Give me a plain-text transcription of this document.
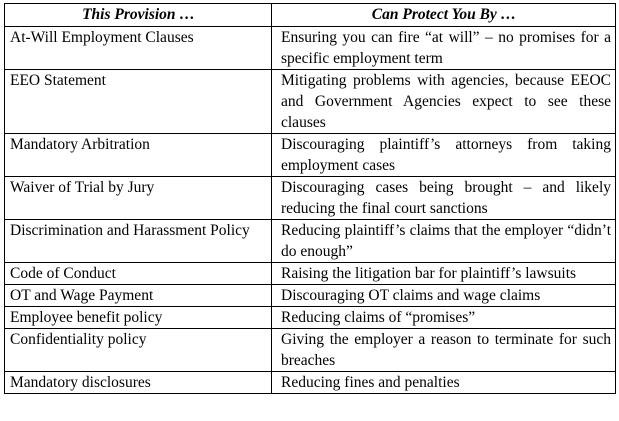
This Provision …	Can Protect You By …
At-Will Employment Clauses	Ensuring you can fire “at will” – no promises for a specific employment term
EEO Statement	Mitigating problems with agencies, because EEOC and Government Agencies expect to see these clauses
Mandatory Arbitration	Discouraging plaintiff’s attorneys from taking employment cases
Waiver of Trial by Jury	Discouraging cases being brought – and likely reducing the final court sanctions
Discrimination and Harassment Policy	Reducing plaintiff’s claims that the employer “didn’t do enough”
Code of Conduct	Raising the litigation bar for plaintiff’s lawsuits
OT and Wage Payment	Discouraging OT claims and wage claims
Employee benefit policy	Reducing claims of “promises”
Confidentiality policy	Giving the employer a reason to terminate for such breaches
Mandatory disclosures	Reducing fines and penalties
